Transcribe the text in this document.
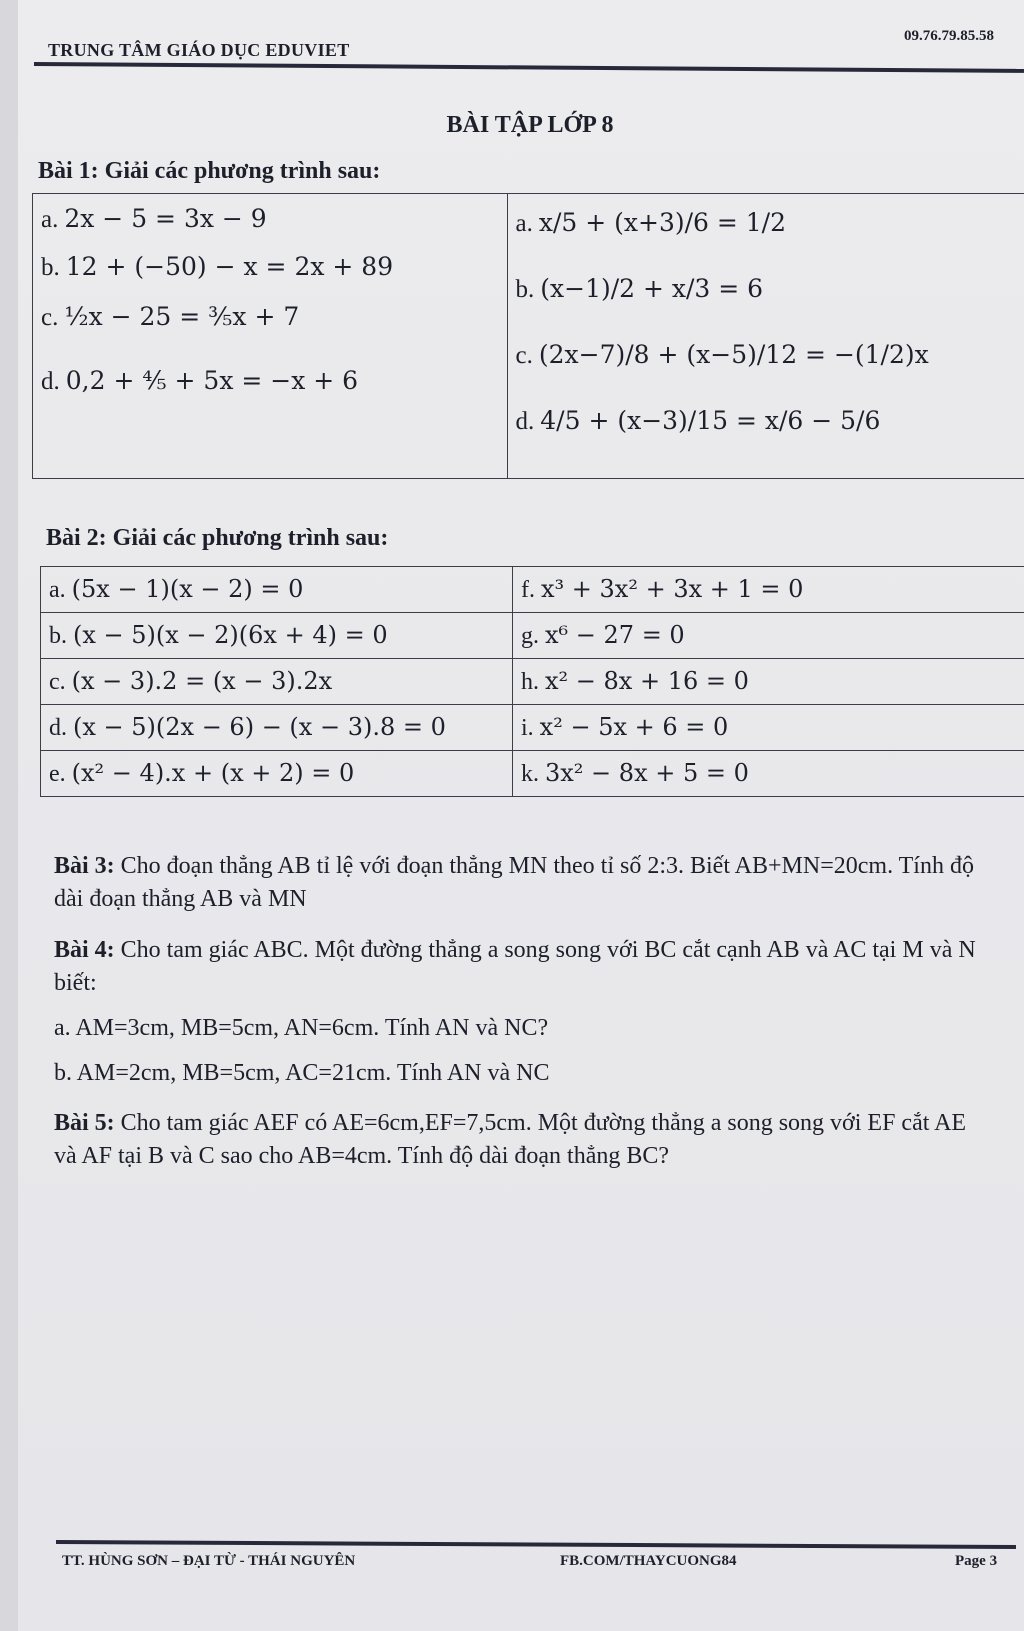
TRUNG TÂM GIÁO DỤC EDUVIET
09.76.79.85.58
BÀI TẬP LỚP 8
Bài 1: Giải các phương trình sau:
a. 2x − 5 = 3x − 9
b. 12 + (−50) − x = 2x + 89
c. ½x − 25 = ⅗x + 7
d. 0,2 + ⅘ + 5x = −x + 6

a. x/5 + (x+3)/6 = 1/2
b. (x−1)/2 + x/3 = 6
c. (2x−7)/8 + (x−5)/12 = −(1/2)x
d. 4/5 + (x−3)/15 = x/6 − 5/6
Bài 2: Giải các phương trình sau:
a. (5x − 1)(x − 2) = 0	f. x³ + 3x² + 3x + 1 = 0
b. (x − 5)(x − 2)(6x + 4) = 0	g. x⁶ − 27 = 0
c. (x − 3).2 = (x − 3).2x	h. x² − 8x + 16 = 0
d. (x − 5)(2x − 6) − (x − 3).8 = 0	i. x² − 5x + 6 = 0
e. (x² − 4).x + (x + 2) = 0	k. 3x² − 8x + 5 = 0
Bài 3: Cho đoạn thẳng AB tỉ lệ với đoạn thẳng MN theo tỉ số 2:3. Biết AB+MN=20cm. Tính độ dài đoạn thẳng AB và MN
Bài 4: Cho tam giác ABC. Một đường thẳng a song song với BC cắt cạnh AB và AC tại M và N biết:
a. AM=3cm, MB=5cm, AN=6cm. Tính AN và NC?
b. AM=2cm, MB=5cm, AC=21cm. Tính AN và NC
Bài 5: Cho tam giác AEF có AE=6cm,EF=7,5cm. Một đường thẳng a song song với EF cắt AE và AF tại B và C sao cho AB=4cm. Tính độ dài đoạn thẳng BC?
TT. HÙNG SƠN – ĐẠI TỪ - THÁI NGUYÊN	FB.COM/THAYCUONG84	Page 3
